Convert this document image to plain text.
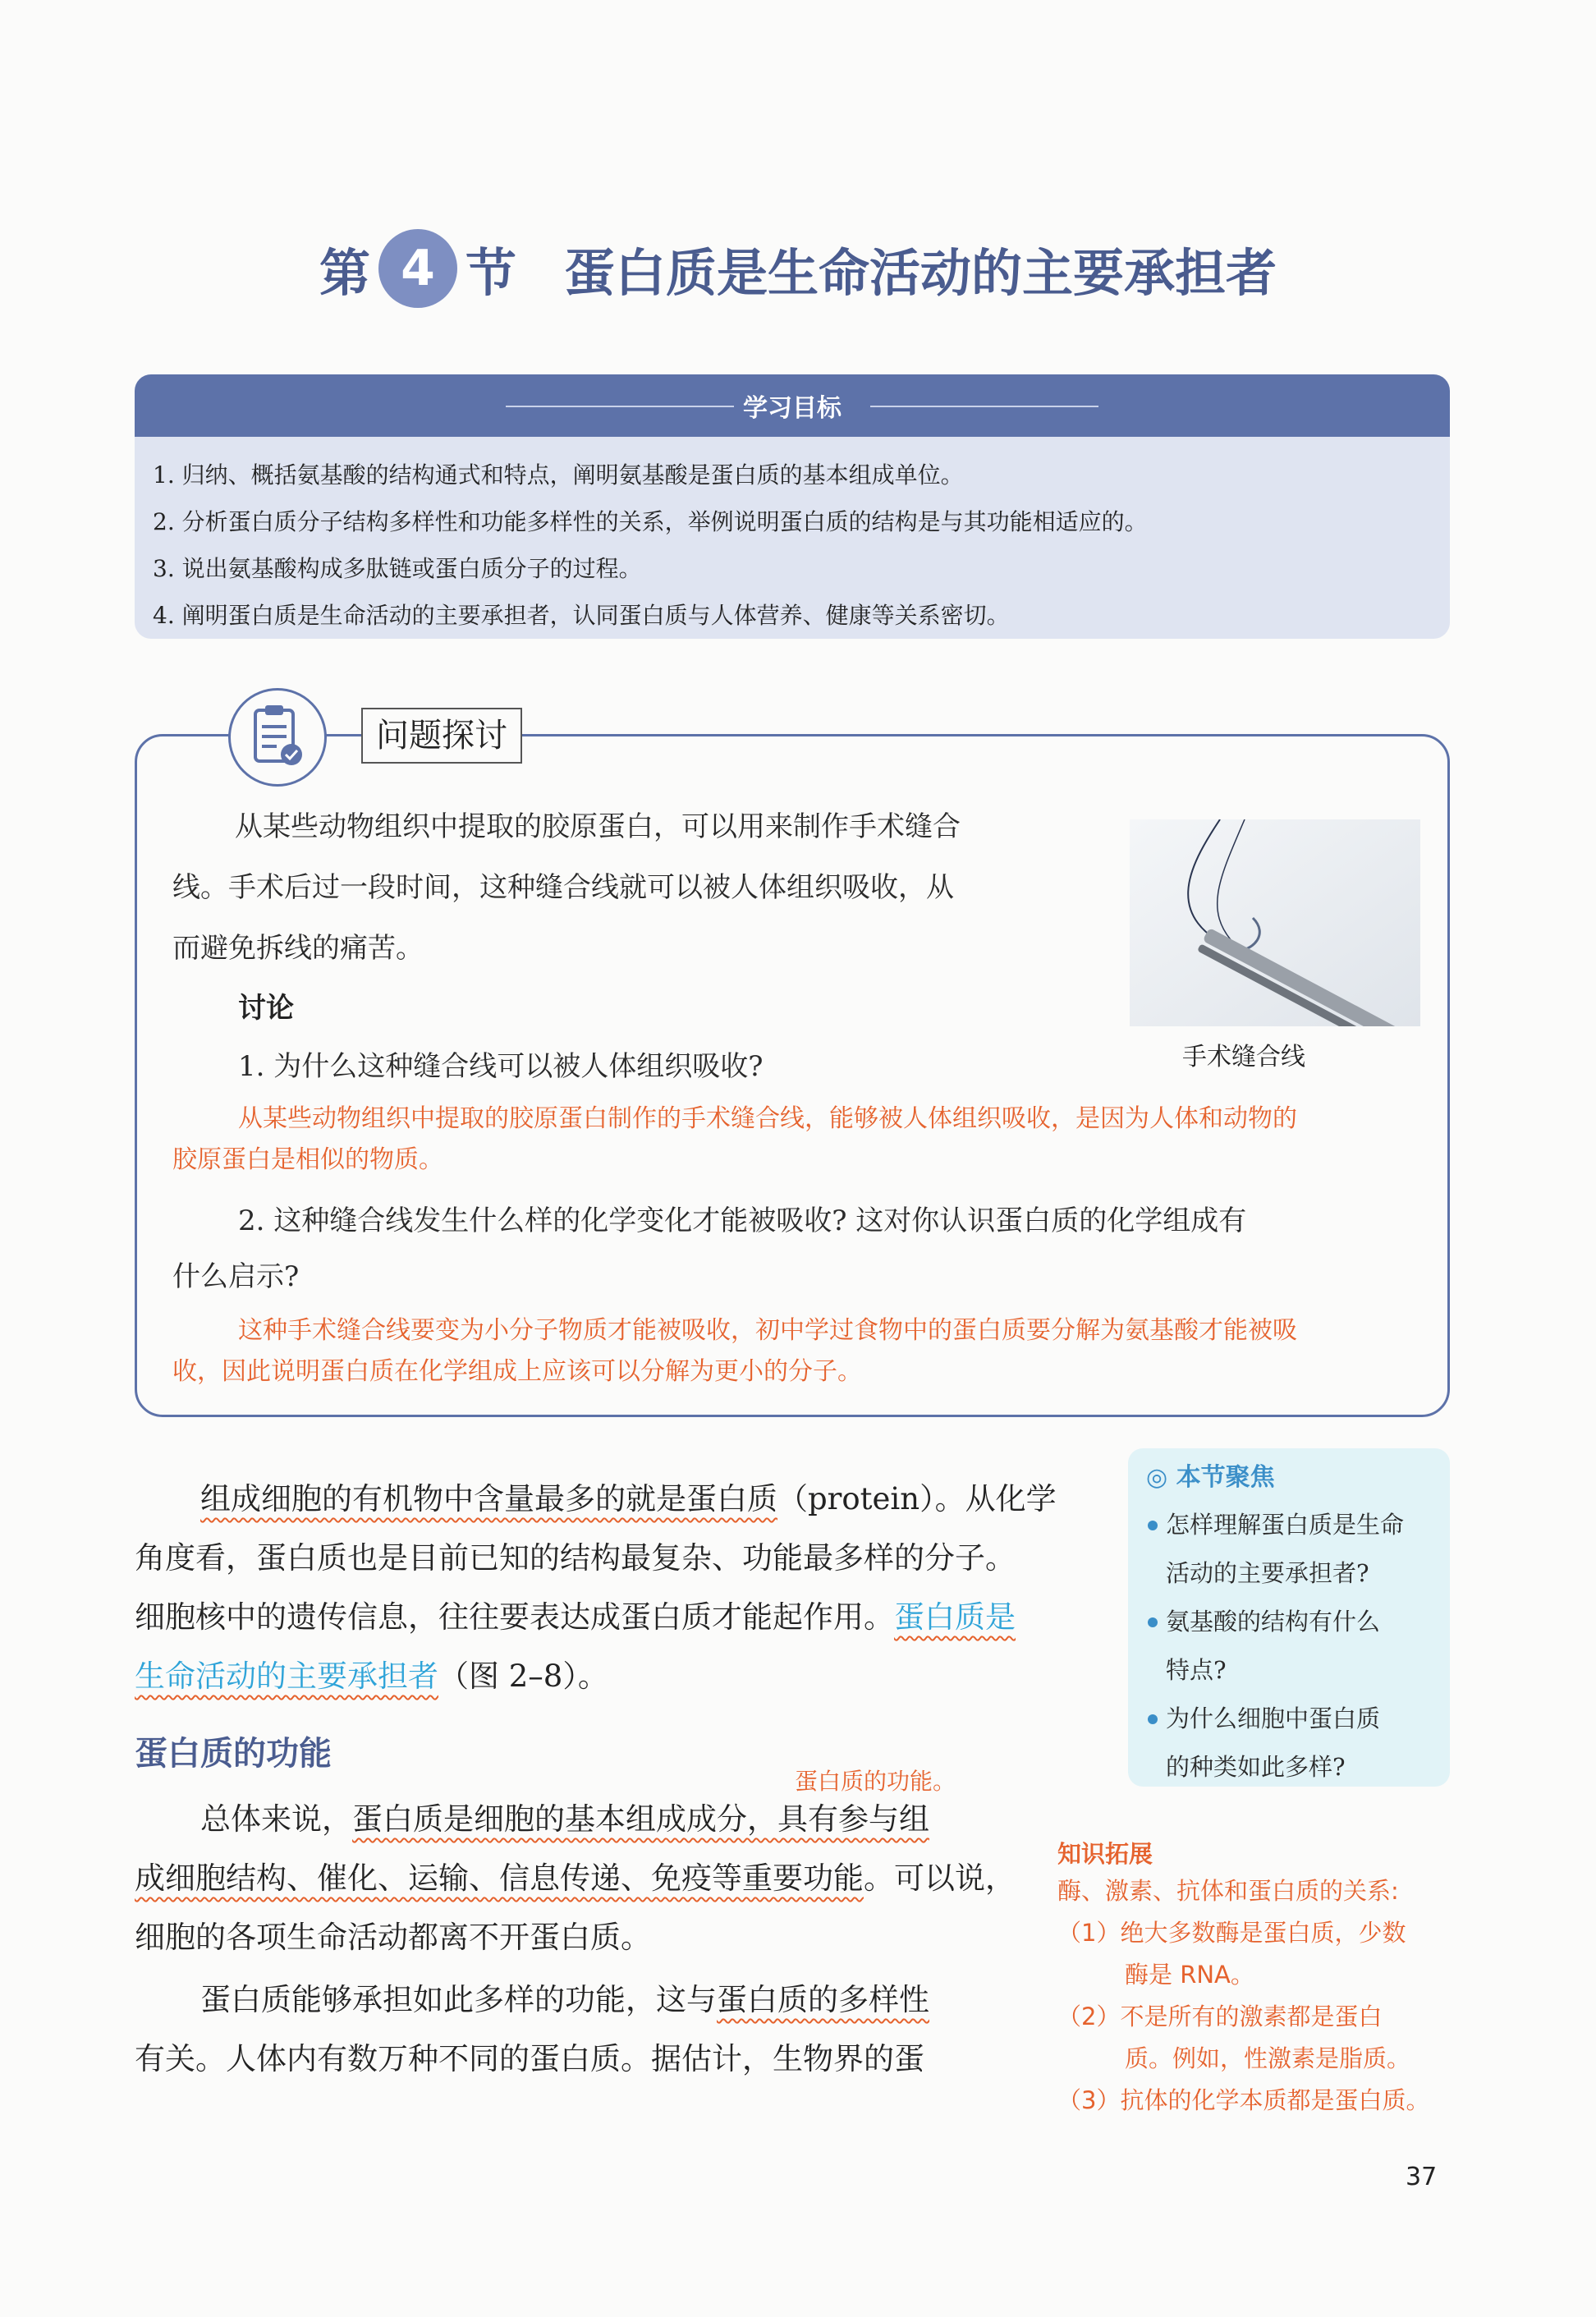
第 4 节 蛋白质是生命活动的主要承担者
学习目标
1. 归纳、概括氨基酸的结构通式和特点，阐明氨基酸是蛋白质的基本组成单位。
2. 分析蛋白质分子结构多样性和功能多样性的关系，举例说明蛋白质的结构是与其功能相适应的。
3. 说出氨基酸构成多肽链或蛋白质分子的过程。
4. 阐明蛋白质是生命活动的主要承担者，认同蛋白质与人体营养、健康等关系密切。
问题探讨
从某些动物组织中提取的胶原蛋白，可以用来制作手术缝合
线。手术后过一段时间，这种缝合线就可以被人体组织吸收，从
而避免拆线的痛苦。
讨论
1. 为什么这种缝合线可以被人体组织吸收?
从某些动物组织中提取的胶原蛋白制作的手术缝合线，能够被人体组织吸收，是因为人体和动物的
胶原蛋白是相似的物质。
2. 这种缝合线发生什么样的化学变化才能被吸收? 这对你认识蛋白质的化学组成有
什么启示?
这种手术缝合线要变为小分子物质才能被吸收，初中学过食物中的蛋白质要分解为氨基酸才能被吸
收，因此说明蛋白质在化学组成上应该可以分解为更小的分子。
手术缝合线
◎ 本节聚焦
怎样理解蛋白质是生命
活动的主要承担者?
氨基酸的结构有什么
特点?
为什么细胞中蛋白质
的种类如此多样?
组成细胞的有机物中含量最多的就是蛋白质（protein）。从化学
角度看，蛋白质也是目前已知的结构最复杂、功能最多样的分子。
细胞核中的遗传信息，往往要表达成蛋白质才能起作用。蛋白质是
生命活动的主要承担者（图 2–8）。
蛋白质的功能
蛋白质的功能。
总体来说，蛋白质是细胞的基本组成成分，具有参与组
成细胞结构、催化、运输、信息传递、免疫等重要功能。可以说，
细胞的各项生命活动都离不开蛋白质。
蛋白质能够承担如此多样的功能，这与蛋白质的多样性
有关。人体内有数万种不同的蛋白质。据估计，生物界的蛋
知识拓展

酶、激素、抗体和蛋白质的关系:

（1）绝大多数酶是蛋白质，少数

酶是 RNA。

（2）不是所有的激素都是蛋白

质。例如，性激素是脂质。

（3）抗体的化学本质都是蛋白质。

37
